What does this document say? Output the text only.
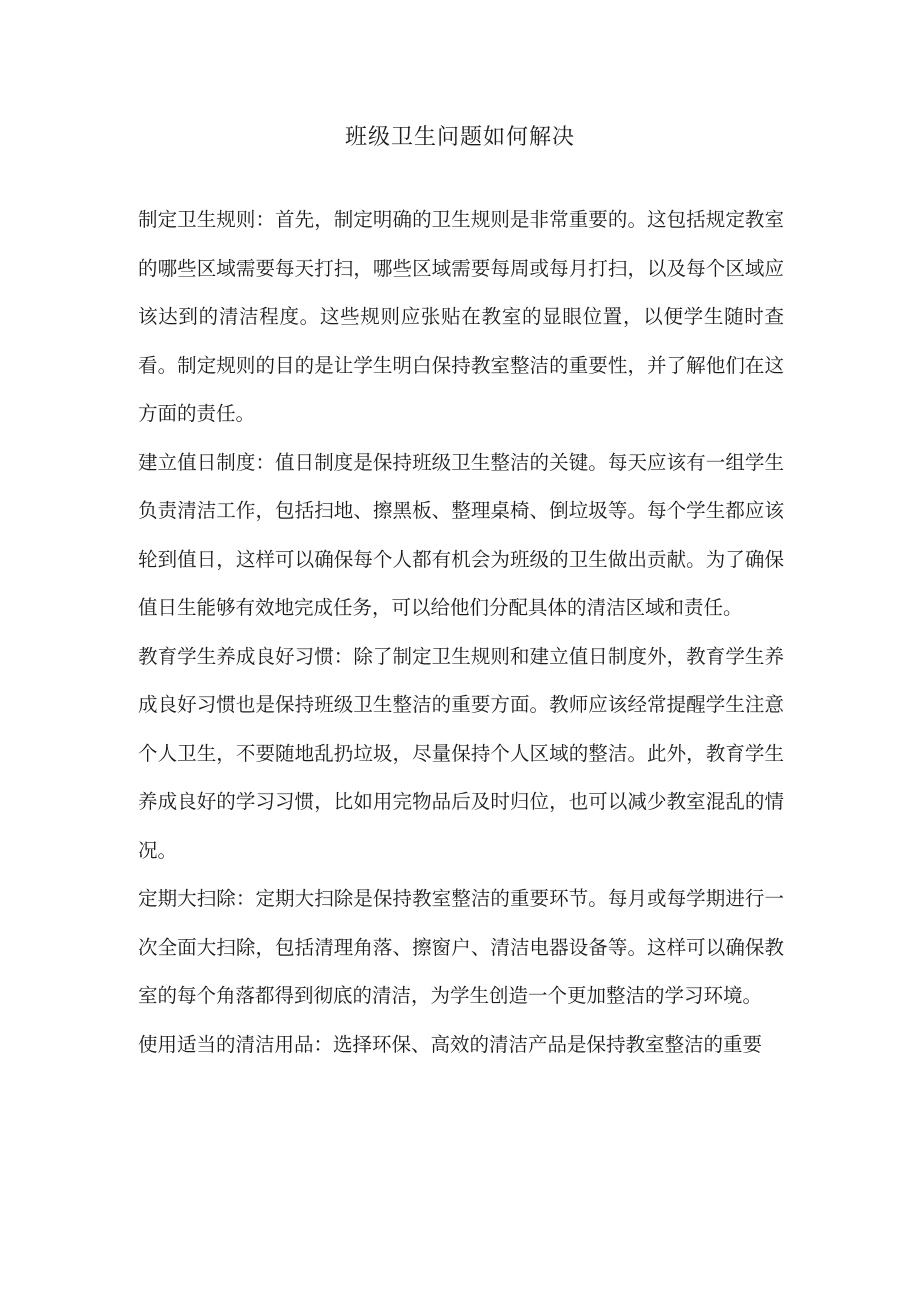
班级卫生问题如何解决

制定卫生规则：首先，制定明确的卫生规则是非常重要的。这包括规定教室的哪些区域需要每天打扫，哪些区域需要每周或每月打扫，以及每个区域应该达到的清洁程度。这些规则应张贴在教室的显眼位置，以便学生随时查看。制定规则的目的是让学生明白保持教室整洁的重要性，并了解他们在这方面的责任。

建立值日制度：值日制度是保持班级卫生整洁的关键。每天应该有一组学生负责清洁工作，包括扫地、擦黑板、整理桌椅、倒垃圾等。每个学生都应该轮到值日，这样可以确保每个人都有机会为班级的卫生做出贡献。为了确保值日生能够有效地完成任务，可以给他们分配具体的清洁区域和责任。

教育学生养成良好习惯：除了制定卫生规则和建立值日制度外，教育学生养成良好习惯也是保持班级卫生整洁的重要方面。教师应该经常提醒学生注意个人卫生，不要随地乱扔垃圾，尽量保持个人区域的整洁。此外，教育学生养成良好的学习习惯，比如用完物品后及时归位，也可以减少教室混乱的情况。

定期大扫除：定期大扫除是保持教室整洁的重要环节。每月或每学期进行一次全面大扫除，包括清理角落、擦窗户、清洁电器设备等。这样可以确保教室的每个角落都得到彻底的清洁，为学生创造一个更加整洁的学习环境。

使用适当的清洁用品：选择环保、高效的清洁产品是保持教室整洁的重要
